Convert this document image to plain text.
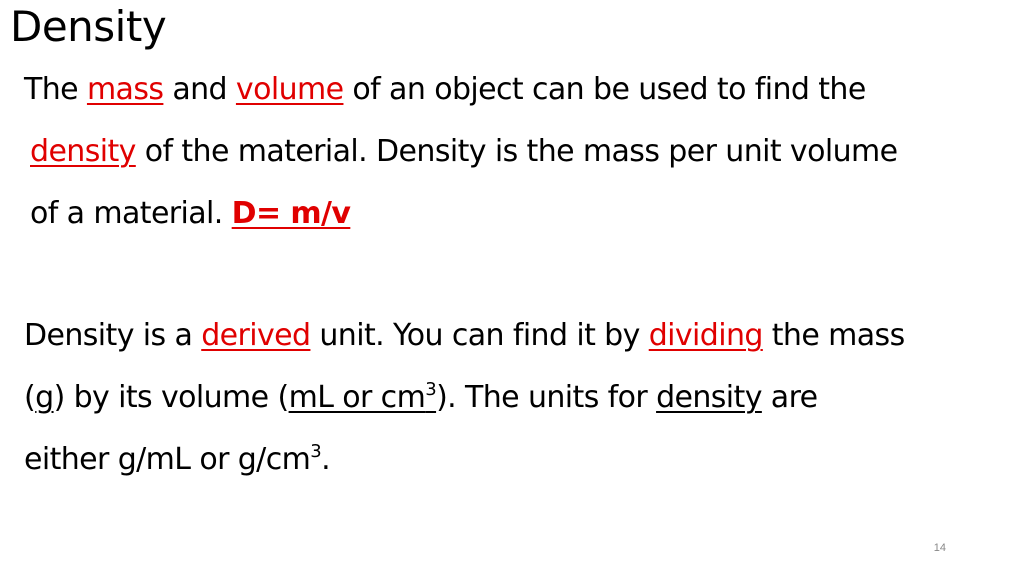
Density
The mass and volume of an object can be used to find the
density of the material. Density is the mass per unit volume
of a material. D= m/v
Density is a derived unit. You can find it by dividing the mass
(g) by its volume (mL or $cm^3$). The units for density are
either g/mL or $g/cm^3$.
14
